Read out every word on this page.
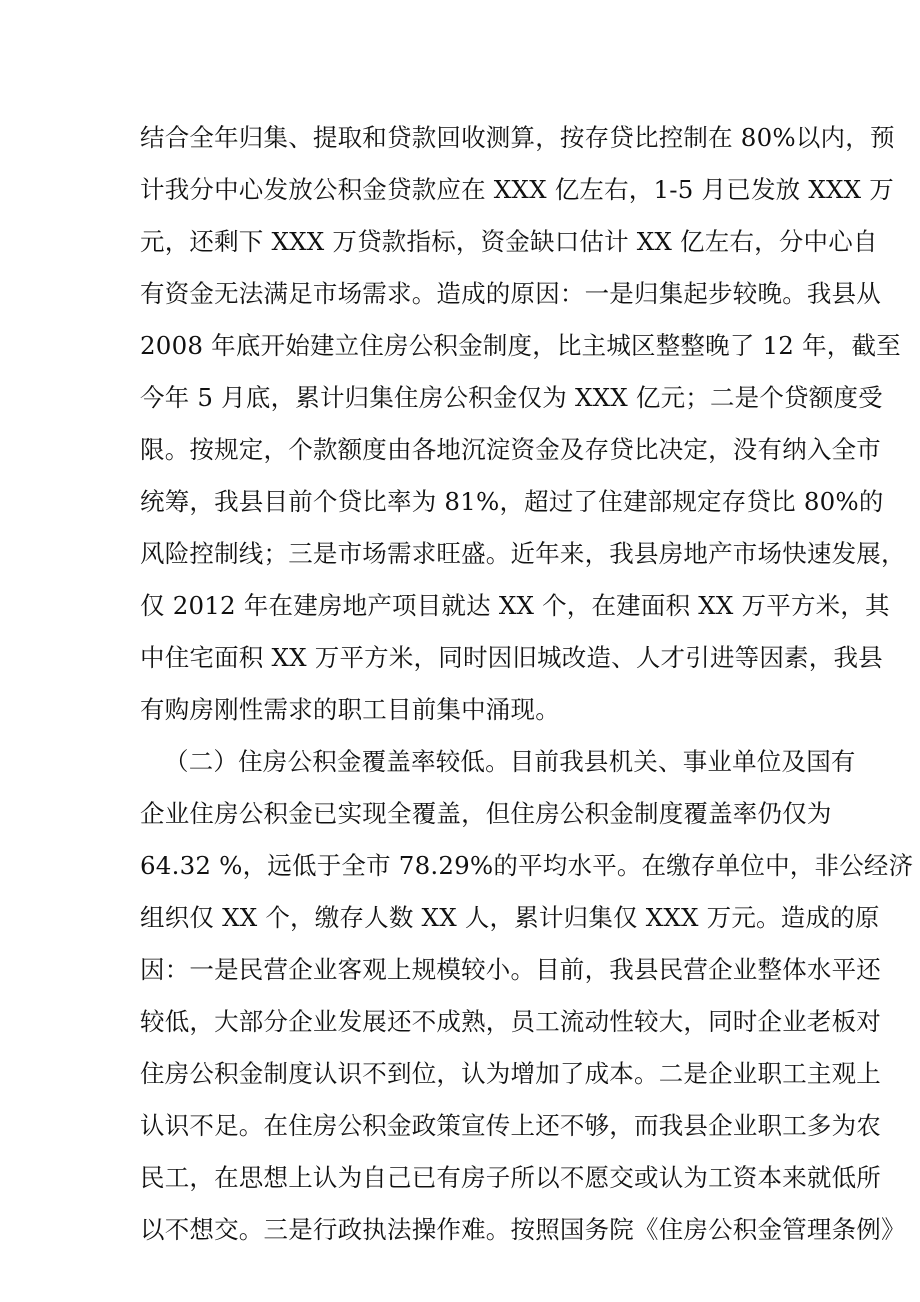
结合全年归集、提取和贷款回收测算，按存贷比控制在 80%以内，预
计我分中心发放公积金贷款应在 XXX 亿左右，1-5 月已发放 XXX 万
元，还剩下 XXX 万贷款指标，资金缺口估计 XX 亿左右，分中心自
有资金无法满足市场需求。造成的原因：一是归集起步较晚。我县从
2008 年底开始建立住房公积金制度，比主城区整整晚了 12 年，截至
今年 5 月底，累计归集住房公积金仅为 XXX 亿元；二是个贷额度受
限。按规定，个款额度由各地沉淀资金及存贷比决定，没有纳入全市
统筹，我县目前个贷比率为 81%，超过了住建部规定存贷比 80%的
风险控制线；三是市场需求旺盛。近年来，我县房地产市场快速发展，
仅 2012 年在建房地产项目就达 XX 个，在建面积 XX 万平方米，其
中住宅面积 XX 万平方米，同时因旧城改造、人才引进等因素，我县
有购房刚性需求的职工目前集中涌现。
（二）住房公积金覆盖率较低。目前我县机关、事业单位及国有
企业住房公积金已实现全覆盖，但住房公积金制度覆盖率仍仅为
64.32 %，远低于全市 78.29%的平均水平。在缴存单位中，非公经济
组织仅 XX 个，缴存人数 XX 人，累计归集仅 XXX 万元。造成的原
因：一是民营企业客观上规模较小。目前，我县民营企业整体水平还
较低，大部分企业发展还不成熟，员工流动性较大，同时企业老板对
住房公积金制度认识不到位，认为增加了成本。二是企业职工主观上
认识不足。在住房公积金政策宣传上还不够，而我县企业职工多为农
民工，在思想上认为自己已有房子所以不愿交或认为工资本来就低所
以不想交。三是行政执法操作难。按照国务院《住房公积金管理条例》
